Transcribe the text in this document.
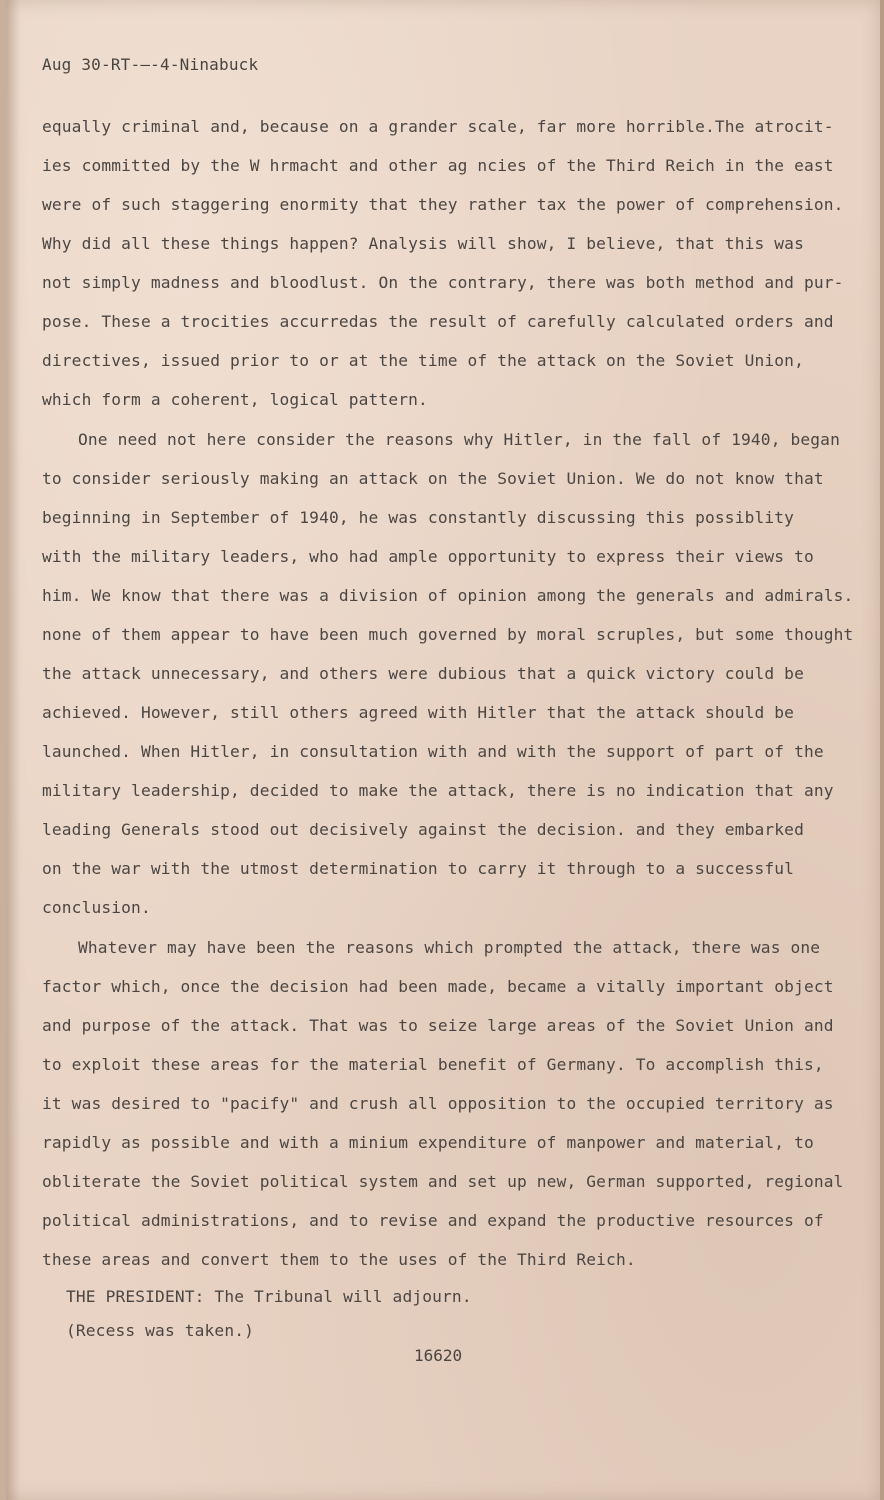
Aug 30-RT-—-4-Ninabuck
equally criminal and, because on a grander scale, far more horrible.The atrocit-
ies committed by the W hrmacht and other ag ncies of the Third Reich in the east
were of such staggering enormity that they rather tax the power of comprehension.
Why did all these things happen? Analysis will show, I believe, that this was
not simply madness and bloodlust. On the contrary, there was both method and pur-
pose. These a trocities accurredas the result of carefully calculated orders and
directives, issued prior to or at the time of the attack on the Soviet Union,
which form a coherent, logical pattern.
One need not here consider the reasons why Hitler, in the fall of 1940, began
to consider seriously making an attack on the Soviet Union. We do not know that
beginning in September of 1940, he was constantly discussing this possiblity
with the military leaders, who had ample opportunity to express their views to
him. We know that there was a division of opinion among the generals and admirals.
none of them appear to have been much governed by moral scruples, but some thought
the attack unnecessary, and others were dubious that a quick victory could be
achieved. However, still others agreed with Hitler that the attack should be
launched. When Hitler, in consultation with and with the support of part of the
military leadership, decided to make the attack, there is no indication that any
leading Generals stood out decisively against the decision. and they embarked
on the war with the utmost determination to carry it through to a successful
conclusion.
Whatever may have been the reasons which prompted the attack, there was one
factor which, once the decision had been made, became a vitally important object
and purpose of the attack. That was to seize large areas of the Soviet Union and
to exploit these areas for the material benefit of Germany. To accomplish this,
it was desired to "pacify" and crush all opposition to the occupied territory as
rapidly as possible and with a minium expenditure of manpower and material, to
obliterate the Soviet political system and set up new, German supported, regional
political administrations, and to revise and expand the productive resources of
these areas and convert them to the uses of the Third Reich.
THE PRESIDENT: The Tribunal will adjourn.
(Recess was taken.)
16620
